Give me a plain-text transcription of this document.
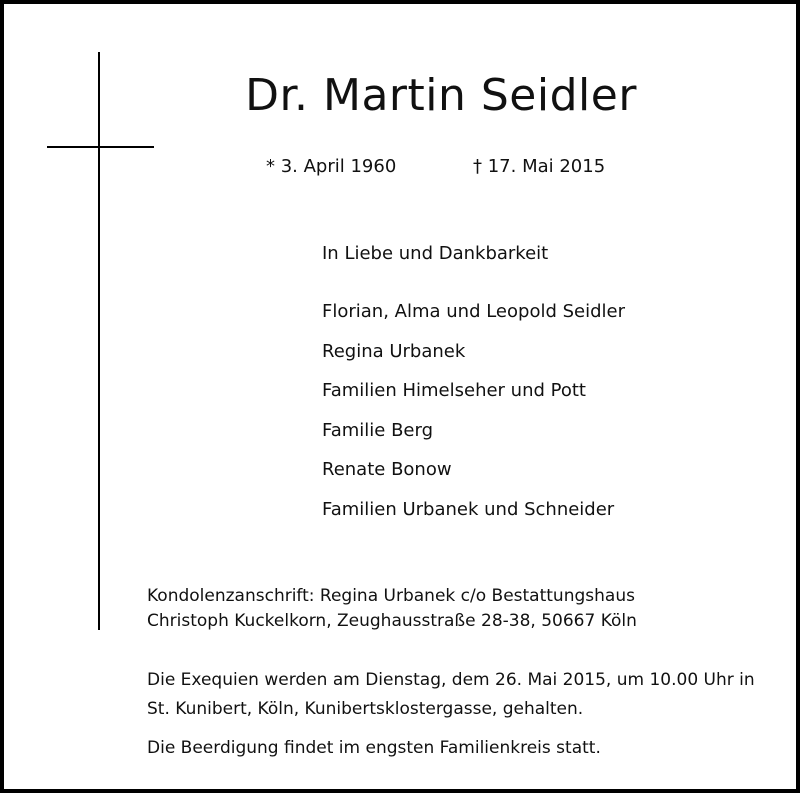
Dr. Martin Seidler
* 3. April 1960	† 17. Mai 2015
In Liebe und Dankbarkeit
Florian, Alma und Leopold Seidler
Regina Urbanek
Familien Himelseher und Pott
Familie Berg
Renate Bonow
Familien Urbanek und Schneider
Kondolenzanschrift: Regina Urbanek c/o Bestattungshaus
Christoph Kuckelkorn, Zeughausstraße 28-38, 50667 Köln
Die Exequien werden am Dienstag, dem 26. Mai 2015, um 10.00 Uhr in
St. Kunibert, Köln, Kunibertsklostergasse, gehalten.
Die Beerdigung findet im engsten Familienkreis statt.
